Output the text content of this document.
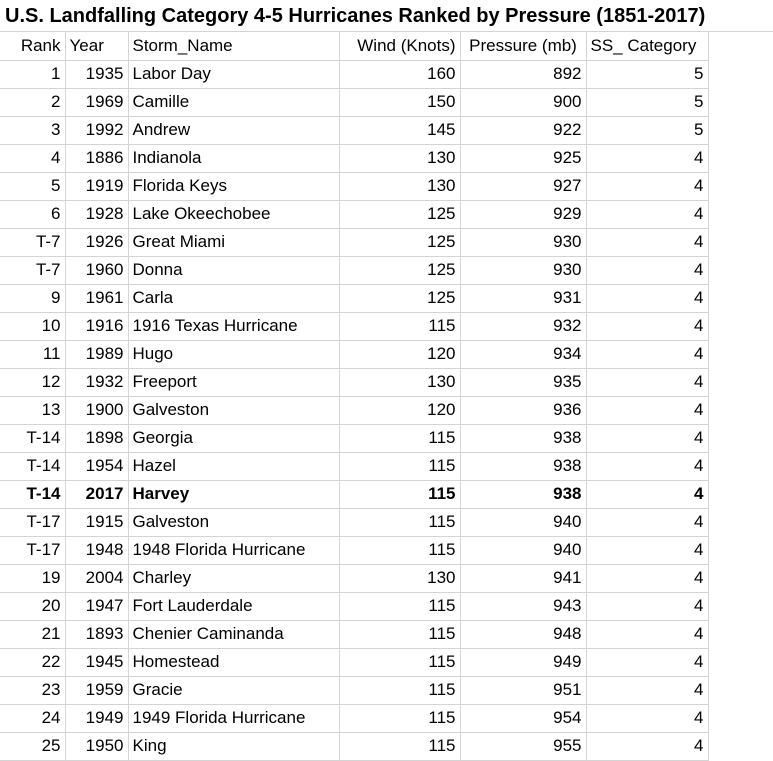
U.S. Landfalling Category 4-5 Hurricanes Ranked by Pressure (1851-2017)
Rank	Year	Storm_Name	Wind (Knots)	Pressure (mb)	SS_ Category
1	1935	Labor Day	160	892	5
2	1969	Camille	150	900	5
3	1992	Andrew	145	922	5
4	1886	Indianola	130	925	4
5	1919	Florida Keys	130	927	4
6	1928	Lake Okeechobee	125	929	4
T-7	1926	Great Miami	125	930	4
T-7	1960	Donna	125	930	4
9	1961	Carla	125	931	4
10	1916	1916 Texas Hurricane	115	932	4
11	1989	Hugo	120	934	4
12	1932	Freeport	130	935	4
13	1900	Galveston	120	936	4
T-14	1898	Georgia	115	938	4
T-14	1954	Hazel	115	938	4
T-14	2017	Harvey	115	938	4
T-17	1915	Galveston	115	940	4
T-17	1948	1948 Florida Hurricane	115	940	4
19	2004	Charley	130	941	4
20	1947	Fort Lauderdale	115	943	4
21	1893	Chenier Caminanda	115	948	4
22	1945	Homestead	115	949	4
23	1959	Gracie	115	951	4
24	1949	1949 Florida Hurricane	115	954	4
25	1950	King	115	955	4
